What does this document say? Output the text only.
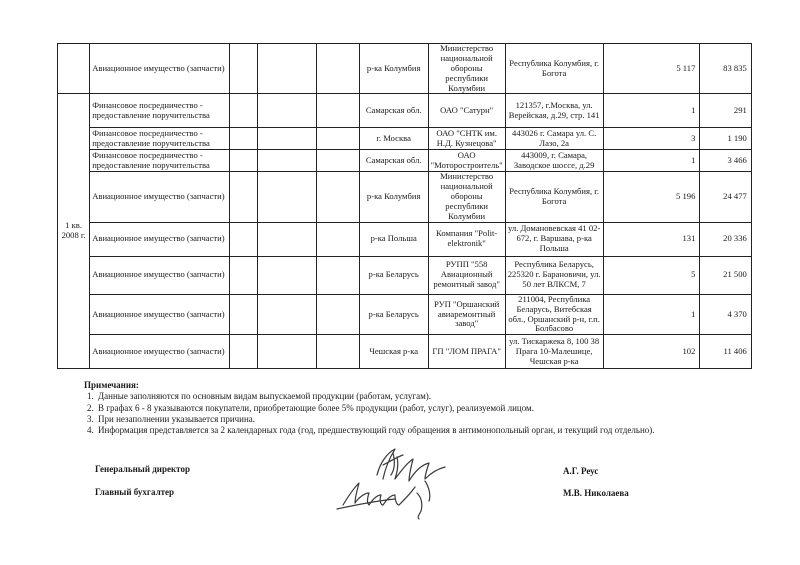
	Авиационное имущество (запчасти)				р-ка Колумбия	Министерство национальной обороны республики Колумбии	Республика Колумбия, г. Богота	5 117	83 835
1 кв. 2008 г.	Финансовое посредничество - предоставление поручительства				Самарская обл.	ОАО "Сатурн"	121357, г.Москва, ул. Верейская, д.29, стр. 141	1	291
	Финансовое посредничество - предоставление поручительства				г. Москва	ОАО "СНТК им. Н.Д. Кузнецова"	443026 г. Самара ул. С. Лазо, 2а	3	1 190
	Финансовое посредничество - предоставление поручительства				Самарская обл.	ОАО "Моторостроитель"	443009, г. Самара, Заводское шоссе, д.29	1	3 466
	Авиационное имущество (запчасти)				р-ка Колумбия	Министерство национальной обороны республики Колумбии	Республика Колумбия, г. Богота	5 196	24 477
	Авиационное имущество (запчасти)				р-ка Польша	Компания "Polit-elektronik"	ул. Домановевская 41 02-672, г. Варшава, р-ка Польша	131	20 336
	Авиационное имущество (запчасти)				р-ка Беларусь	РУПП "558 Авиационный ремонтный завод"	Республика Беларусь, 225320 г. Барановичи, ул. 50 лет ВЛКСМ, 7	5	21 500
	Авиационное имущество (запчасти)				р-ка Беларусь	РУП "Оршанский авиаремонтный завод"	211004, Республика Беларусь, Витебская обл., Оршанский р-н, г.п. Болбасово	1	4 370
	Авиационное имущество (запчасти)				Чешская р-ка	ГП "ЛОМ ПРАГА"	ул. Тискаржека 8, 100 38 Прага 10-Малешице, Чешская р-ка	102	11 406
Примечания:
1. Данные заполняются по основным видам выпускаемой продукции (работам, услугам).
2. В графах 6 - 8 указываются покупатели, приобретающие более 5% продукции (работ, услуг), реализуемой лицом.
3. При незаполнении указывается причина.
4. Информация представляется за 2 календарных года (год, предшествующий году обращения в антимонопольный орган, и текущий год отдельно).
Генеральный директор	А.Г. Реус
Главный бухгалтер	М.В. Николаева
